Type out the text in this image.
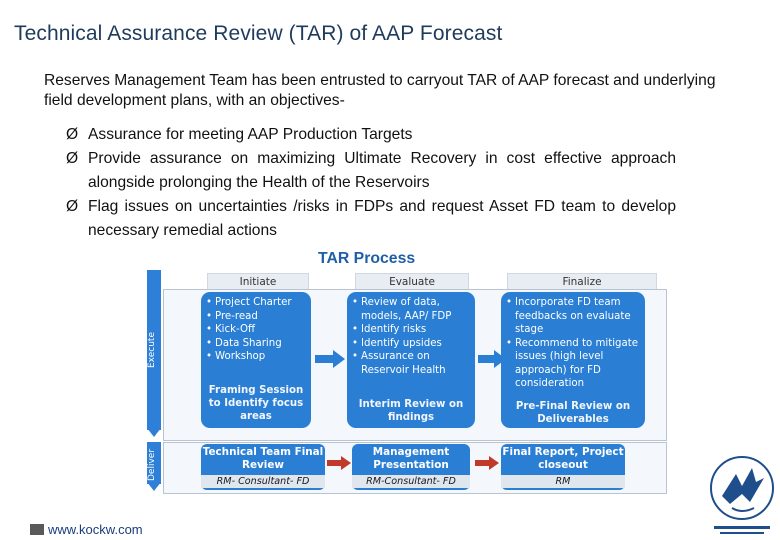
Technical Assurance Review (TAR) of AAP Forecast
Reserves Management Team has been entrusted to carryout TAR of AAP forecast and underlying field development plans, with an objectives-
Ø Assurance for meeting AAP Production Targets
Ø Provide assurance on maximizing Ultimate Recovery in cost effective approach alongside prolonging the Health of the Reservoirs
Ø Flag issues on uncertainties /risks in FDPs and request Asset FD team to develop necessary remedial actions
TAR Process
Initiate	Evaluate	Finalize
Execute
Deliver
• Project Charter
• Pre-read
• Kick-Off
• Data Sharing
• Workshop
Framing Session to Identify focus areas
• Review of data, models, AAP/ FDP
• Identify risks
• Identify upsides
• Assurance on Reservoir Health
Interim Review on findings
• Incorporate FD team feedbacks on evaluate stage
• Recommend to mitigate issues (high level approach) for FD consideration
Pre-Final Review on Deliverables
Technical Team Final Review
RM- Consultant- FD
Management Presentation
RM-Consultant- FD
Final Report, Project closeout
RM
www.kockw.com
